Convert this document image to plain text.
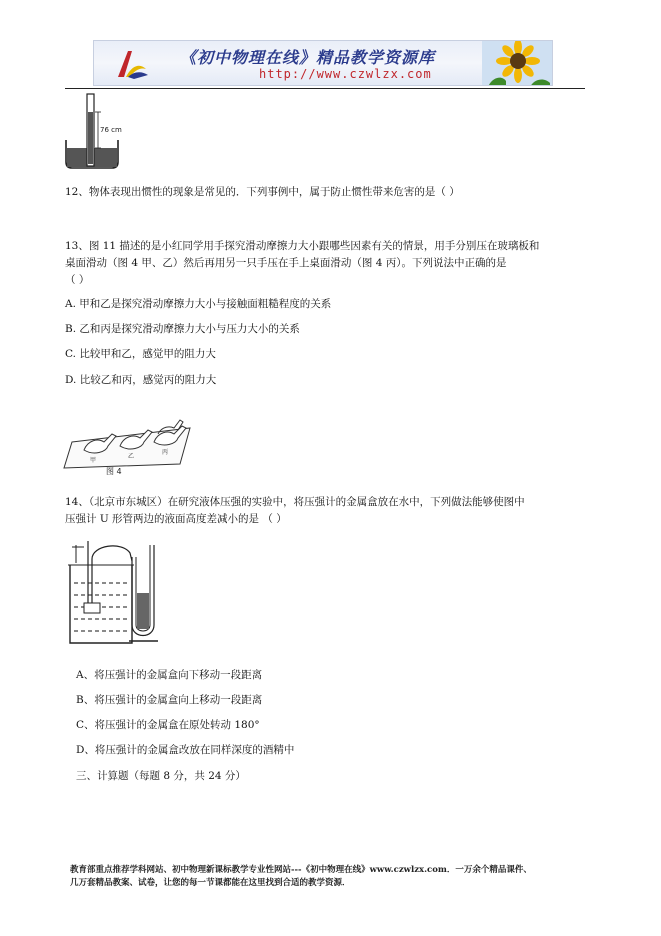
《初中物理在线》精品教学资源库
http://www.czwlzx.com
76 cm
12、物体表现出惯性的现象是常见的．下列事例中，属于防止惯性带来危害的是（ ）
13、图 11 描述的是小红同学用手探究滑动摩擦力大小跟哪些因素有关的情景，用手分别压在玻璃板和
桌面滑动（图 4 甲、乙）然后再用另一只手压在手上桌面滑动（图 4 丙）。下列说法中正确的是
（ ）
A. 甲和乙是探究滑动摩擦力大小与接触面粗糙程度的关系
B. 乙和丙是探究滑动摩擦力大小与压力大小的关系
C. 比较甲和乙，感觉甲的阻力大
D. 比较乙和丙，感觉丙的阻力大
甲
乙
丙
图 4
14、（北京市东城区）在研究液体压强的实验中，将压强计的金属盒放在水中，下列做法能够使图中
压强计 U 形管两边的液面高度差减小的是 （ ）
A、将压强计的金属盒向下移动一段距离
B、将压强计的金属盒向上移动一段距离
C、将压强计的金属盒在原处转动 180°
D、将压强计的金属盒改放在同样深度的酒精中
三、计算题（每题 8 分，共 24 分）
教育部重点推荐学科网站、初中物理新课标教学专业性网站---《初中物理在线》www.czwlzx.com．一万余个精品课件、
几万套精品教案、试卷，让您的每一节课都能在这里找到合适的教学资源．
